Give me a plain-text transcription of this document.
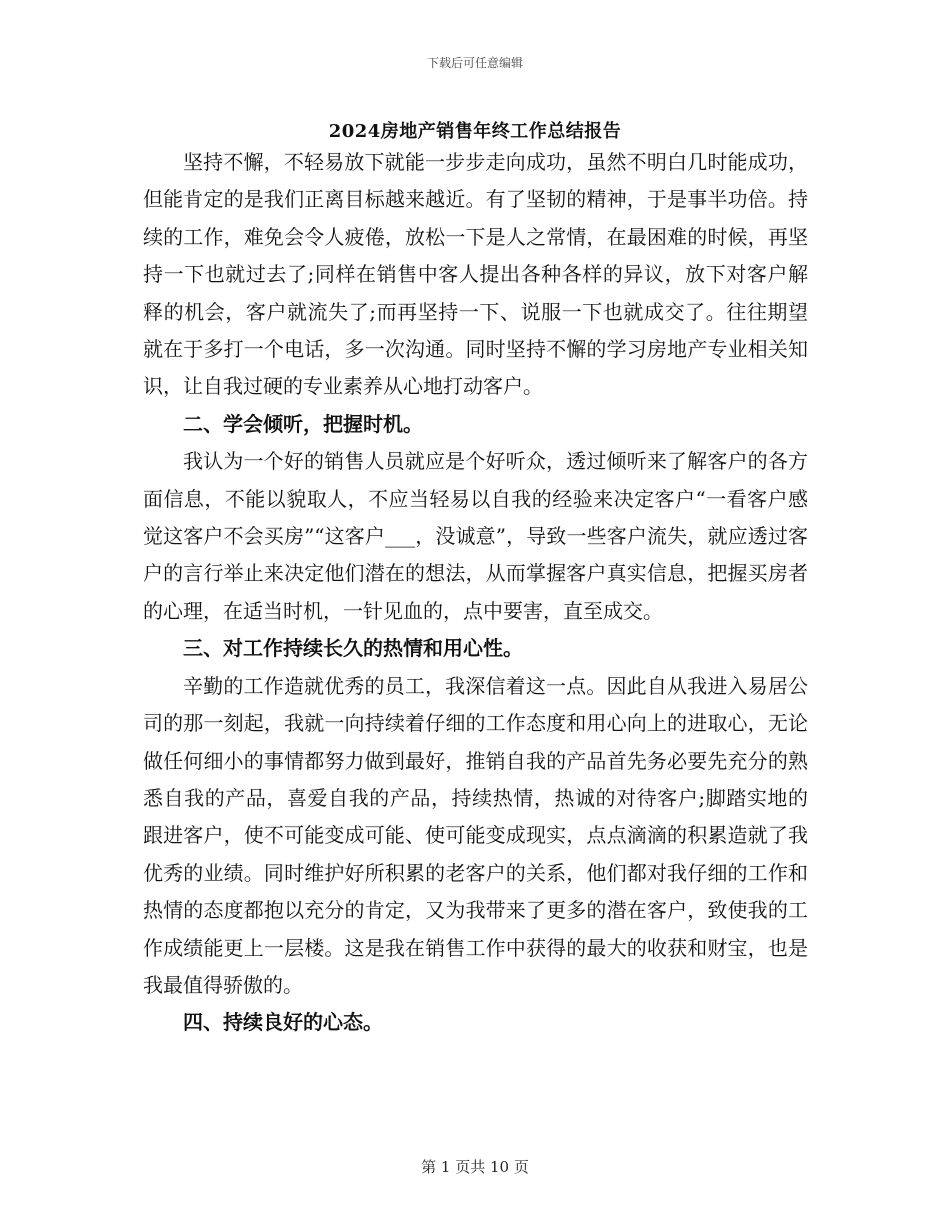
下载后可任意编辑
2024房地产销售年终工作总结报告

坚持不懈，不轻易放下就能一步步走向成功，虽然不明白几时能成功，但能肯定的是我们正离目标越来越近。有了坚韧的精神，于是事半功倍。持续的工作，难免会令人疲倦，放松一下是人之常情，在最困难的时候，再坚持一下也就过去了;同样在销售中客人提出各种各样的异议，放下对客户解释的机会，客户就流失了;而再坚持一下、说服一下也就成交了。往往期望就在于多打一个电话，多一次沟通。同时坚持不懈的学习房地产专业相关知识，让自我过硬的专业素养从心地打动客户。

二、学会倾听，把握时机。

我认为一个好的销售人员就应是个好听众，透过倾听来了解客户的各方面信息，不能以貌取人，不应当轻易以自我的经验来决定客户“一看客户感觉这客户不会买房”“这客户___，没诚意”，导致一些客户流失，就应透过客户的言行举止来决定他们潜在的想法，从而掌握客户真实信息，把握买房者的心理，在适当时机，一针见血的，点中要害，直至成交。

三、对工作持续长久的热情和用心性。

辛勤的工作造就优秀的员工，我深信着这一点。因此自从我进入易居公司的那一刻起，我就一向持续着仔细的工作态度和用心向上的进取心，无论做任何细小的事情都努力做到最好，推销自我的产品首先务必要先充分的熟悉自我的产品，喜爱自我的产品，持续热情，热诚的对待客户;脚踏实地的跟进客户，使不可能变成可能、使可能变成现实，点点滴滴的积累造就了我优秀的业绩。同时维护好所积累的老客户的关系，他们都对我仔细的工作和热情的态度都抱以充分的肯定，又为我带来了更多的潜在客户，致使我的工作成绩能更上一层楼。这是我在销售工作中获得的最大的收获和财宝，也是我最值得骄傲的。

四、持续良好的心态。
第 1 页共 10 页
